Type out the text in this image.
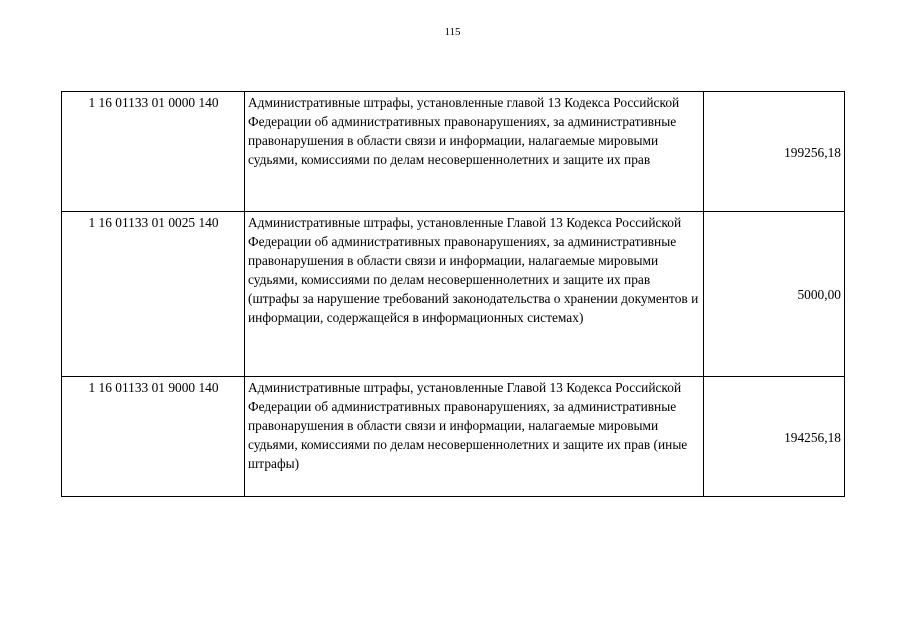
115
1 16 01133 01 0000 140	Административные штрафы, установленные главой 13 Кодекса Российской Федерации об административных правонарушениях, за административные правонарушения в области связи и информации, налагаемые мировыми судьями, комиссиями по делам несовершеннолетних и защите их прав	199256,18
1 16 01133 01 0025 140	Административные штрафы, установленные Главой 13 Кодекса Российской Федерации об административных правонарушениях, за административные правонарушения в области связи и информации, налагаемые мировыми судьями, комиссиями по делам несовершеннолетних и защите их прав (штрафы за нарушение требований законодательства о хранении документов и информации, содержащейся в информационных системах)	5000,00
1 16 01133 01 9000 140	Административные штрафы, установленные Главой 13 Кодекса Российской Федерации об административных правонарушениях, за административные правонарушения в области связи и информации, налагаемые мировыми судьями, комиссиями по делам несовершеннолетних и защите их прав (иные штрафы)	194256,18
